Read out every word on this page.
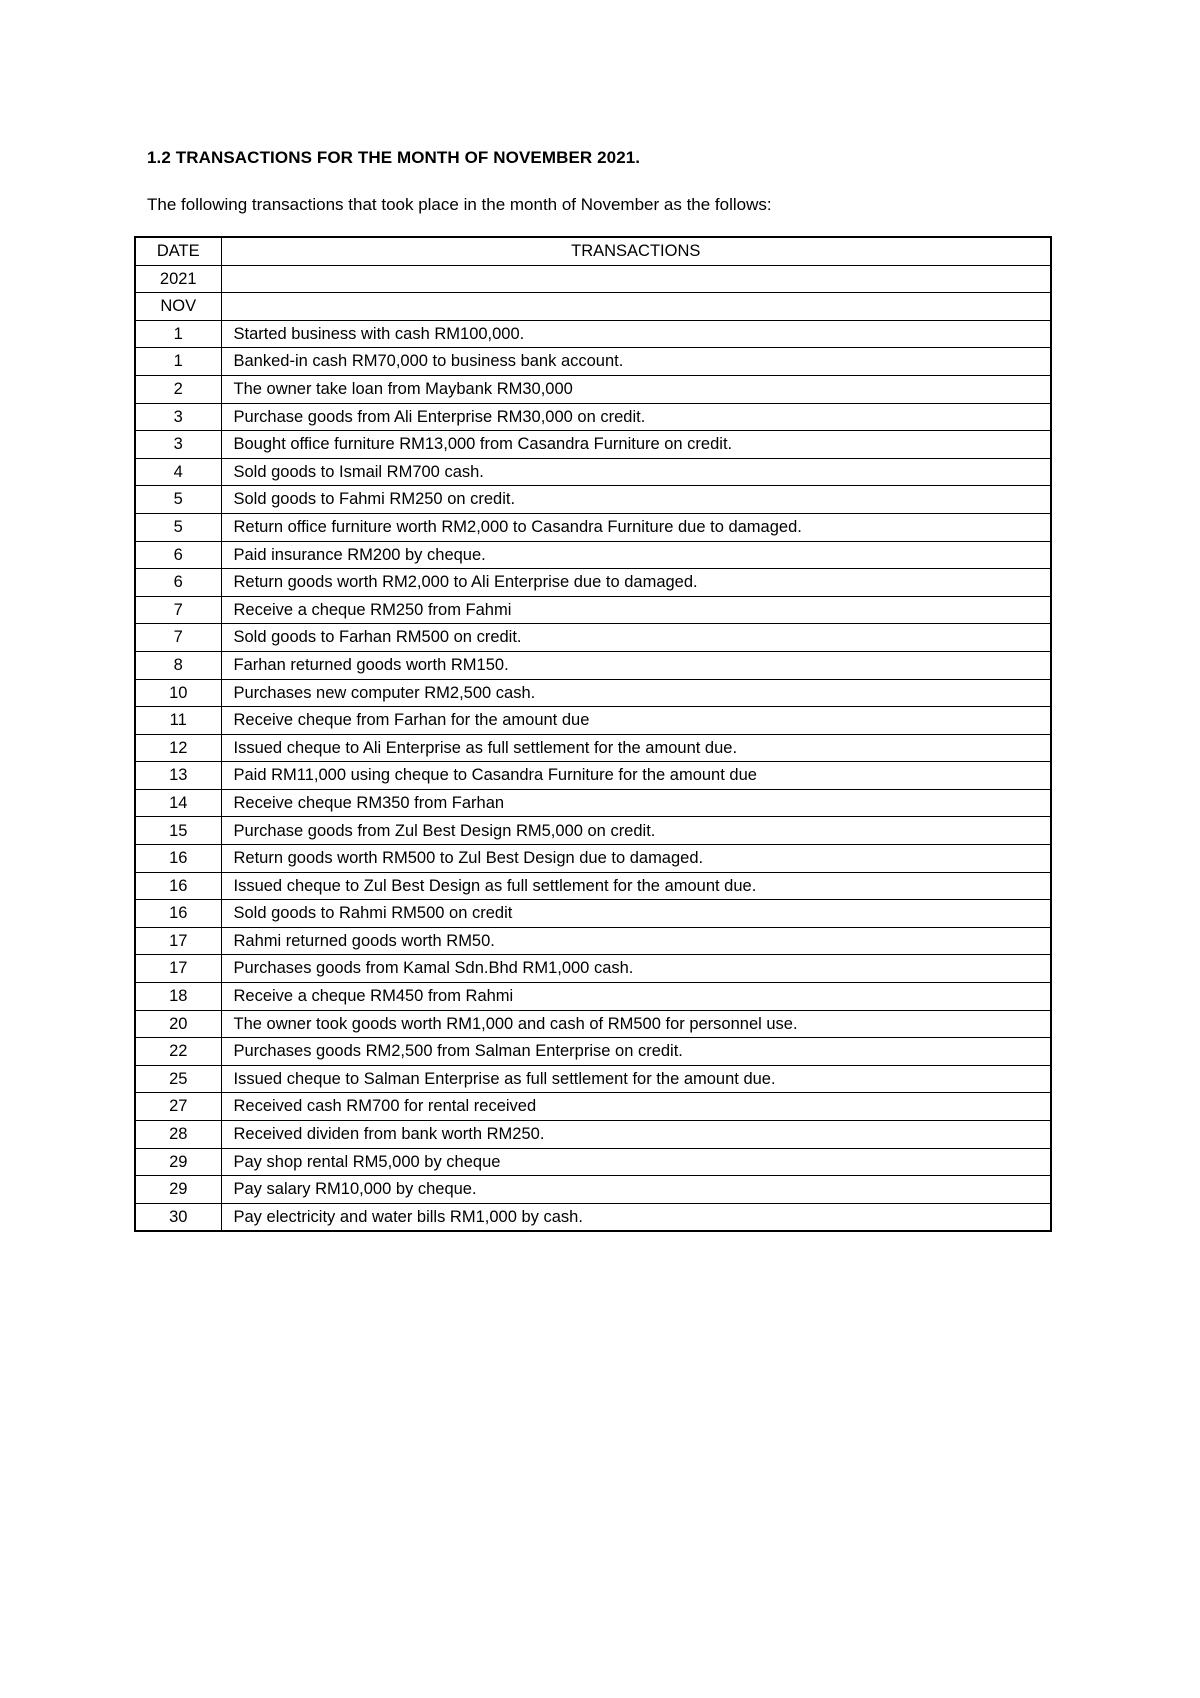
1.2 TRANSACTIONS FOR THE MONTH OF NOVEMBER 2021.
The following transactions that took place in the month of November as the follows:
DATE	TRANSACTIONS
2021	
NOV	
1	Started business with cash RM100,000.
1	Banked-in cash RM70,000 to business bank account.
2	The owner take loan from Maybank RM30,000
3	Purchase goods from Ali Enterprise RM30,000 on credit.
3	Bought office furniture RM13,000 from Casandra Furniture on credit.
4	Sold goods to Ismail RM700 cash.
5	Sold goods to Fahmi RM250 on credit.
5	Return office furniture worth RM2,000 to Casandra Furniture due to damaged.
6	Paid insurance RM200 by cheque.
6	Return goods worth RM2,000 to Ali Enterprise due to damaged.
7	Receive a cheque RM250 from Fahmi
7	Sold goods to Farhan RM500 on credit.
8	Farhan returned goods worth RM150.
10	Purchases new computer RM2,500 cash.
11	Receive cheque from Farhan for the amount due
12	Issued cheque to Ali Enterprise as full settlement for the amount due.
13	Paid RM11,000 using cheque to Casandra Furniture for the amount due
14	Receive cheque RM350 from Farhan
15	Purchase goods from Zul Best Design RM5,000 on credit.
16	Return goods worth RM500 to Zul Best Design due to damaged.
16	Issued cheque to Zul Best Design as full settlement for the amount due.
16	Sold goods to Rahmi RM500 on credit
17	Rahmi returned goods worth RM50.
17	Purchases goods from Kamal Sdn.Bhd RM1,000 cash.
18	Receive a cheque RM450 from Rahmi
20	The owner took goods worth RM1,000 and cash of RM500 for personnel use.
22	Purchases goods RM2,500 from Salman Enterprise on credit.
25	Issued cheque to Salman Enterprise as full settlement for the amount due.
27	Received cash RM700 for rental received
28	Received dividen from bank worth RM250.
29	Pay shop rental RM5,000 by cheque
29	Pay salary RM10,000 by cheque.
30	Pay electricity and water bills RM1,000 by cash.
